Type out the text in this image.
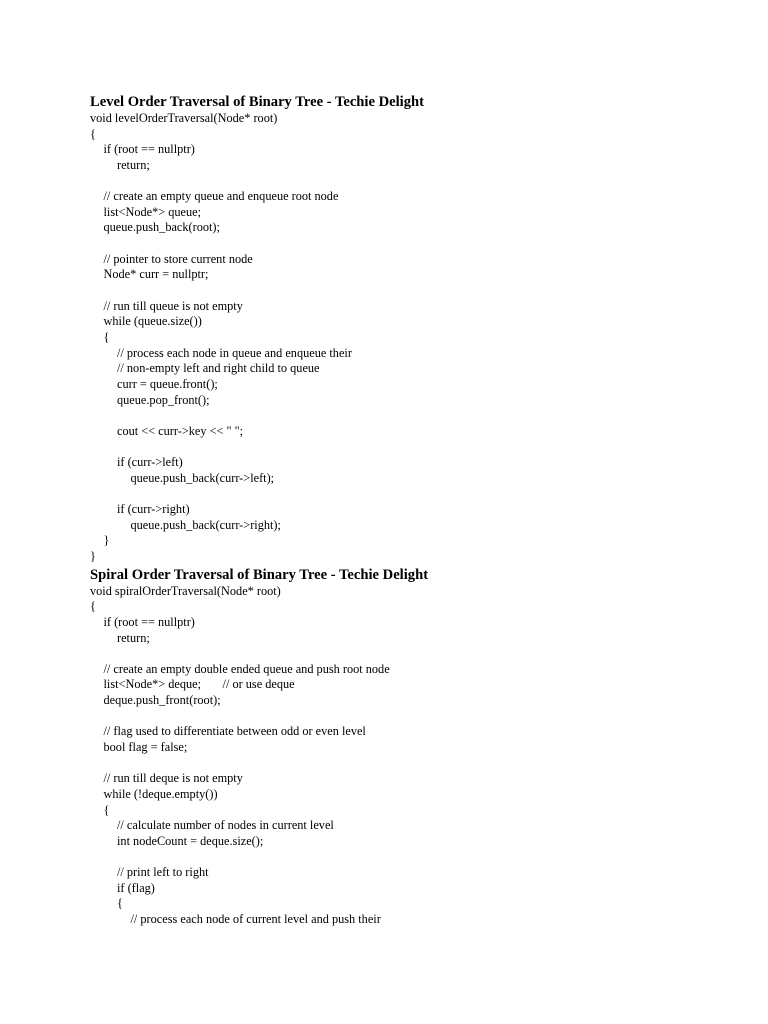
Level Order Traversal of Binary Tree - Techie Delight
void levelOrderTraversal(Node* root)
{
if (root == nullptr)
return;
// create an empty queue and enqueue root node
list<Node*> queue;
queue.push_back(root);
// pointer to store current node
Node* curr = nullptr;
// run till queue is not empty
while (queue.size())
{
// process each node in queue and enqueue their
// non-empty left and right child to queue
curr = queue.front();
queue.pop_front();
cout << curr->key << " ";
if (curr->left)
queue.push_back(curr->left);
if (curr->right)
queue.push_back(curr->right);
}
}
Spiral Order Traversal of Binary Tree - Techie Delight
void spiralOrderTraversal(Node* root)
{
if (root == nullptr)
return;
// create an empty double ended queue and push root node
list<Node*> deque;       // or use deque
deque.push_front(root);
// flag used to differentiate between odd or even level
bool flag = false;
// run till deque is not empty
while (!deque.empty())
{
// calculate number of nodes in current level
int nodeCount = deque.size();
// print left to right
if (flag)
{
// process each node of current level and push their
